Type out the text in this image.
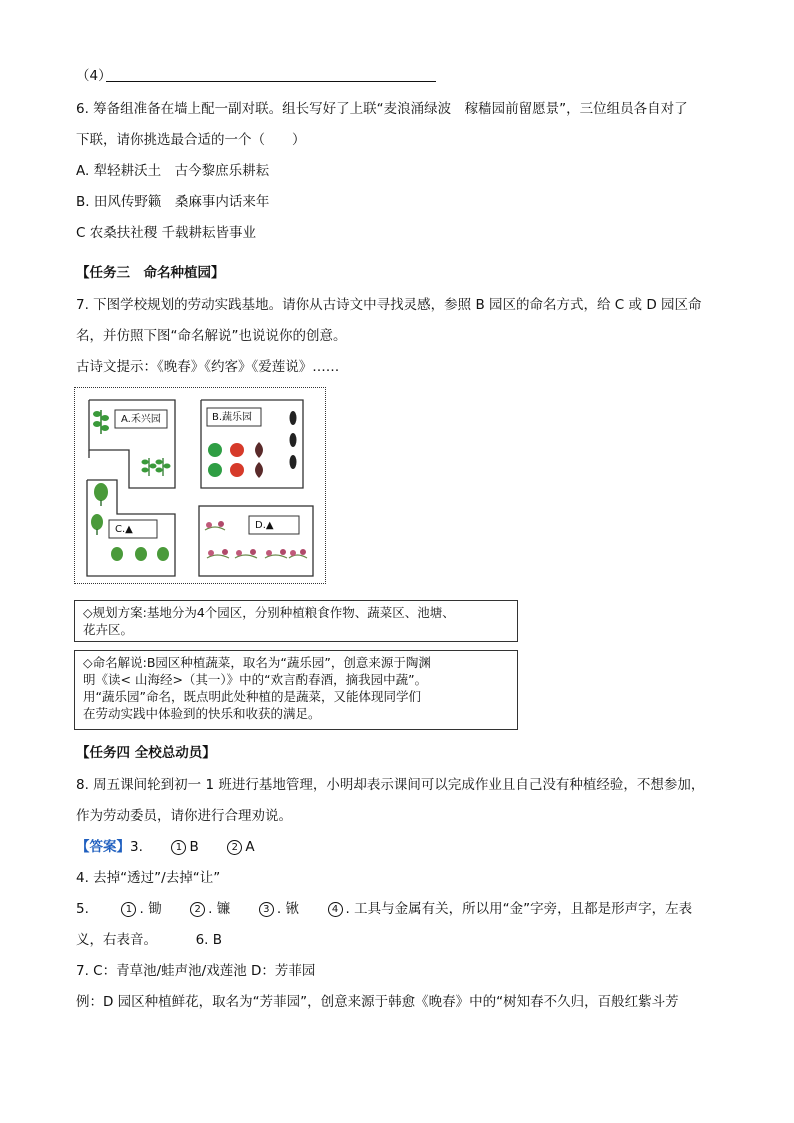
（4）
6. 筹备组准备在墙上配一副对联。组长写好了上联“麦浪涌绿波　稼穑园前留愿景”，三位组员各自对了
下联，请你挑选最合适的一个（　　）
A. 犁轻耕沃土　古今黎庶乐耕耘
B. 田风传野籁　桑麻事内话来年
C 农桑扶社稷 千载耕耘皆事业
【任务三　命名种植园】
7. 下图学校规划的劳动实践基地。请你从古诗文中寻找灵感，参照 B 园区的命名方式，给 C 或 D 园区命
名，并仿照下图“命名解说”也说说你的创意。
古诗文提示：《晚春》《约客》《爱莲说》……
A.禾兴园	B.蔬乐园
C.▲	D.▲
◇规划方案:基地分为4个园区，分别种植粮食作物、蔬菜区、池塘、
花卉区。
◇命名解说:B园区种植蔬菜，取名为“蔬乐园”，创意来源于陶渊
明《读< 山海经>（其一）》中的“欢言酌春酒，摘我园中蔬”。
用“蔬乐园”命名，既点明此处种植的是蔬菜，又能体现同学们
在劳动实践中体验到的快乐和收获的满足。
【任务四 全校总动员】
8. 周五课间轮到初一 1 班进行基地管理，小明却表示课间可以完成作业且自己没有种植经验，不想参加，
作为劳动委员，请你进行合理劝说。
【答案】3.	1 B	2 A
4. 去掉“透过”/去掉“让”
5.	1 . 锄	2 . 镰	3 . 锹	4 . 工具与金属有关，所以用“金”字旁，且都是形声字，左表
义，右表音。	6. B
7. C：青草池/蛙声池/戏莲池 D：芳菲园
例：D 园区种植鲜花，取名为“芳菲园”，创意来源于韩愈《晚春》中的“树知春不久归，百般红紫斗芳
